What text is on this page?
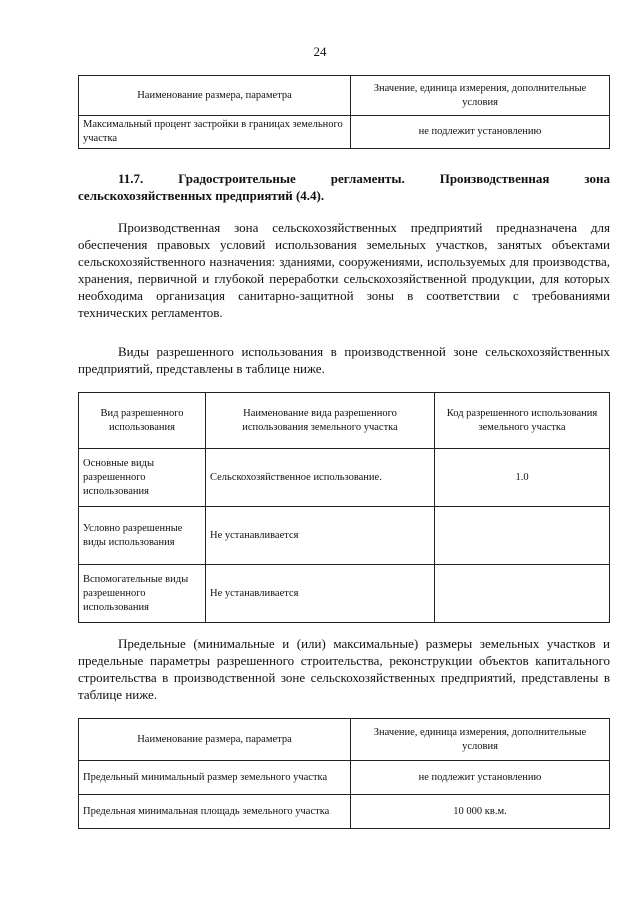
24
Наименование размера, параметра	Значение, единица измерения, дополнительные условия
Максимальный процент застройки в границах земельного участка	не подлежит установлению
11.7.	Градостроительные регламенты. Производственная зона сельскохозяйственных предприятий (4.4).

Производственная зона сельскохозяйственных предприятий предназначена для обеспечения правовых условий использования земельных участков, занятых объектами сельскохозяйственного назначения: зданиями, сооружениями, используемых для производства, хранения, первичной и глубокой переработки сельскохозяйственной продукции, для которых необходима организация санитарно-защитной зоны в соответствии с требованиями технических регламентов.

Виды разрешенного использования в производственной зоне сельскохозяйственных предприятий, представлены в таблице ниже.

Вид разрешенного использования	Наименование вида разрешенного использования земельного участка	Код разрешенного использования земельного участка
Основные виды разрешенного использования	Сельскохозяйственное использование.	1.0
Условно разрешенные виды использования	Не устанавливается	
Вспомогательные виды разрешенного использования	Не устанавливается	

Предельные (минимальные и (или) максимальные) размеры земельных участков и предельные параметры разрешенного строительства, реконструкции объектов капитального строительства в производственной зоне сельскохозяйственных предприятий, представлены в таблице ниже.

Наименование размера, параметра	Значение, единица измерения, дополнительные условия
Предельный минимальный размер земельного участка	не подлежит установлению
Предельная минимальная площадь земельного участка	10 000 кв.м.
